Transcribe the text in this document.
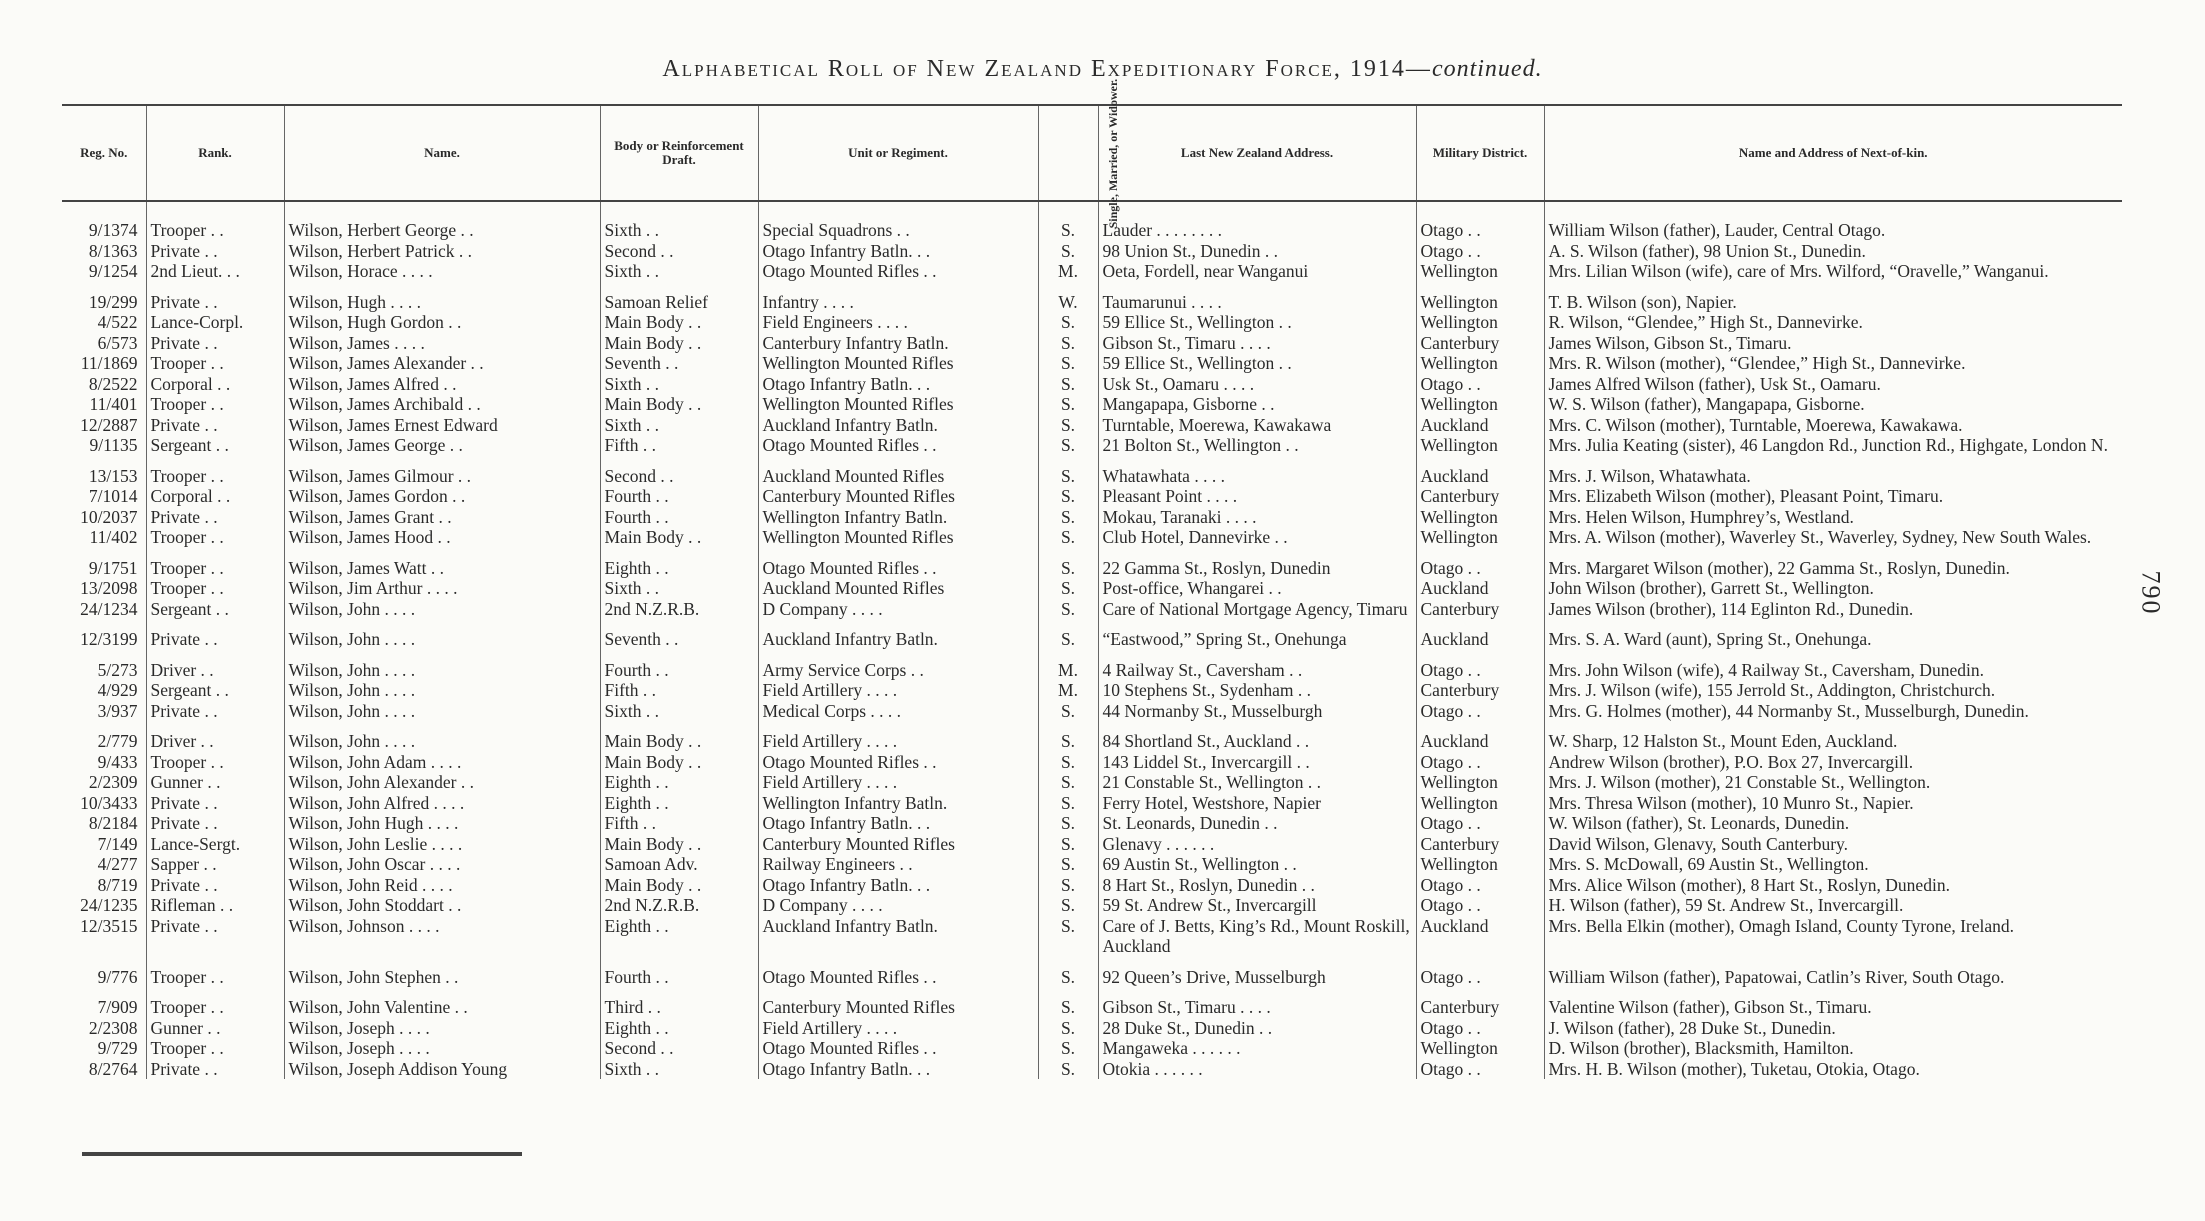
Alphabetical Roll of New Zealand Expeditionary Force, 1914—continued.
Reg. No.	Rank.	Name.	Body or Reinforcement Draft.	Unit or Regiment.	Single, Married, or Widower.	Last New Zealand Address.	Military District.	Name and Address of Next-of-kin.
9/1374	Trooper . .	Wilson, Herbert George . .	Sixth . .	Special Squadrons . .	S.	Lauder . . . . . . . .	Otago . .	William Wilson (father), Lauder, Central Otago.
8/1363	Private . .	Wilson, Herbert Patrick . .	Second . .	Otago Infantry Batln. . .	S.	98 Union St., Dunedin . .	Otago . .	A. S. Wilson (father), 98 Union St., Dunedin.
9/1254	2nd Lieut. . .	Wilson, Horace . . . .	Sixth . .	Otago Mounted Rifles . .	M.	Oeta, Fordell, near Wanganui	Wellington	Mrs. Lilian Wilson (wife), care of Mrs. Wilford, “Oravelle,” Wanganui.
19/299	Private . .	Wilson, Hugh . . . .	Samoan Relief	Infantry . . . .	W.	Taumarunui . . . .	Wellington	T. B. Wilson (son), Napier.
4/522	Lance-Corpl.	Wilson, Hugh Gordon . .	Main Body . .	Field Engineers . . . .	S.	59 Ellice St., Wellington . .	Wellington	R. Wilson, “Glendee,” High St., Dannevirke.
6/573	Private . .	Wilson, James . . . .	Main Body . .	Canterbury Infantry Batln.	S.	Gibson St., Timaru . . . .	Canterbury	James Wilson, Gibson St., Timaru.
11/1869	Trooper . .	Wilson, James Alexander . .	Seventh . .	Wellington Mounted Rifles	S.	59 Ellice St., Wellington . .	Wellington	Mrs. R. Wilson (mother), “Glendee,” High St., Dannevirke.
8/2522	Corporal . .	Wilson, James Alfred . .	Sixth . .	Otago Infantry Batln. . .	S.	Usk St., Oamaru . . . .	Otago . .	James Alfred Wilson (father), Usk St., Oamaru.
11/401	Trooper . .	Wilson, James Archibald . .	Main Body . .	Wellington Mounted Rifles	S.	Mangapapa, Gisborne . .	Wellington	W. S. Wilson (father), Mangapapa, Gisborne.
12/2887	Private . .	Wilson, James Ernest Edward	Sixth . .	Auckland Infantry Batln.	S.	Turntable, Moerewa, Kawakawa	Auckland	Mrs. C. Wilson (mother), Turntable, Moerewa, Kawakawa.
9/1135	Sergeant . .	Wilson, James George . .	Fifth . .	Otago Mounted Rifles . .	S.	21 Bolton St., Wellington . .	Wellington	Mrs. Julia Keating (sister), 46 Langdon Rd., Junction Rd., Highgate, London N.
13/153	Trooper . .	Wilson, James Gilmour . .	Second . .	Auckland Mounted Rifles	S.	Whatawhata . . . .	Auckland	Mrs. J. Wilson, Whatawhata.
7/1014	Corporal . .	Wilson, James Gordon . .	Fourth . .	Canterbury Mounted Rifles	S.	Pleasant Point . . . .	Canterbury	Mrs. Elizabeth Wilson (mother), Pleasant Point, Timaru.
10/2037	Private . .	Wilson, James Grant . .	Fourth . .	Wellington Infantry Batln.	S.	Mokau, Taranaki . . . .	Wellington	Mrs. Helen Wilson, Humphrey’s, Westland.
11/402	Trooper . .	Wilson, James Hood . .	Main Body . .	Wellington Mounted Rifles	S.	Club Hotel, Dannevirke . .	Wellington	Mrs. A. Wilson (mother), Waverley St., Waverley, Sydney, New South Wales.
9/1751	Trooper . .	Wilson, James Watt . .	Eighth . .	Otago Mounted Rifles . .	S.	22 Gamma St., Roslyn, Dunedin	Otago . .	Mrs. Margaret Wilson (mother), 22 Gamma St., Roslyn, Dunedin.
13/2098	Trooper . .	Wilson, Jim Arthur . . . .	Sixth . .	Auckland Mounted Rifles	S.	Post-office, Whangarei . .	Auckland	John Wilson (brother), Garrett St., Wellington.
24/1234	Sergeant . .	Wilson, John . . . .	2nd N.Z.R.B.	D Company . . . .	S.	Care of National Mortgage Agency, Timaru	Canterbury	James Wilson (brother), 114 Eglinton Rd., Dunedin.
12/3199	Private . .	Wilson, John . . . .	Seventh . .	Auckland Infantry Batln.	S.	“Eastwood,” Spring St., Onehunga	Auckland	Mrs. S. A. Ward (aunt), Spring St., Onehunga.
5/273	Driver . .	Wilson, John . . . .	Fourth . .	Army Service Corps . .	M.	4 Railway St., Caversham . .	Otago . .	Mrs. John Wilson (wife), 4 Railway St., Caversham, Dunedin.
4/929	Sergeant . .	Wilson, John . . . .	Fifth . .	Field Artillery . . . .	M.	10 Stephens St., Sydenham . .	Canterbury	Mrs. J. Wilson (wife), 155 Jerrold St., Addington, Christchurch.
3/937	Private . .	Wilson, John . . . .	Sixth . .	Medical Corps . . . .	S.	44 Normanby St., Musselburgh	Otago . .	Mrs. G. Holmes (mother), 44 Normanby St., Musselburgh, Dunedin.
2/779	Driver . .	Wilson, John . . . .	Main Body . .	Field Artillery . . . .	S.	84 Shortland St., Auckland . .	Auckland	W. Sharp, 12 Halston St., Mount Eden, Auckland.
9/433	Trooper . .	Wilson, John Adam . . . .	Main Body . .	Otago Mounted Rifles . .	S.	143 Liddel St., Invercargill . .	Otago . .	Andrew Wilson (brother), P.O. Box 27, Invercargill.
2/2309	Gunner . .	Wilson, John Alexander . .	Eighth . .	Field Artillery . . . .	S.	21 Constable St., Wellington . .	Wellington	Mrs. J. Wilson (mother), 21 Constable St., Wellington.
10/3433	Private . .	Wilson, John Alfred . . . .	Eighth . .	Wellington Infantry Batln.	S.	Ferry Hotel, Westshore, Napier	Wellington	Mrs. Thresa Wilson (mother), 10 Munro St., Napier.
8/2184	Private . .	Wilson, John Hugh . . . .	Fifth . .	Otago Infantry Batln. . .	S.	St. Leonards, Dunedin . .	Otago . .	W. Wilson (father), St. Leonards, Dunedin.
7/149	Lance-Sergt.	Wilson, John Leslie . . . .	Main Body . .	Canterbury Mounted Rifles	S.	Glenavy . . . . . .	Canterbury	David Wilson, Glenavy, South Canterbury.
4/277	Sapper . .	Wilson, John Oscar . . . .	Samoan Adv.	Railway Engineers . .	S.	69 Austin St., Wellington . .	Wellington	Mrs. S. McDowall, 69 Austin St., Wellington.
8/719	Private . .	Wilson, John Reid . . . .	Main Body . .	Otago Infantry Batln. . .	S.	8 Hart St., Roslyn, Dunedin . .	Otago . .	Mrs. Alice Wilson (mother), 8 Hart St., Roslyn, Dunedin.
24/1235	Rifleman . .	Wilson, John Stoddart . .	2nd N.Z.R.B.	D Company . . . .	S.	59 St. Andrew St., Invercargill	Otago . .	H. Wilson (father), 59 St. Andrew St., Invercargill.
12/3515	Private . .	Wilson, Johnson . . . .	Eighth . .	Auckland Infantry Batln.	S.	Care of J. Betts, King’s Rd., Mount Roskill, Auckland	Auckland	Mrs. Bella Elkin (mother), Omagh Island, County Tyrone, Ireland.
9/776	Trooper . .	Wilson, John Stephen . .	Fourth . .	Otago Mounted Rifles . .	S.	92 Queen’s Drive, Musselburgh	Otago . .	William Wilson (father), Papatowai, Catlin’s River, South Otago.
7/909	Trooper . .	Wilson, John Valentine . .	Third . .	Canterbury Mounted Rifles	S.	Gibson St., Timaru . . . .	Canterbury	Valentine Wilson (father), Gibson St., Timaru.
2/2308	Gunner . .	Wilson, Joseph . . . .	Eighth . .	Field Artillery . . . .	S.	28 Duke St., Dunedin . .	Otago . .	J. Wilson (father), 28 Duke St., Dunedin.
9/729	Trooper . .	Wilson, Joseph . . . .	Second . .	Otago Mounted Rifles . .	S.	Mangaweka . . . . . .	Wellington	D. Wilson (brother), Blacksmith, Hamilton.
8/2764	Private . .	Wilson, Joseph Addison Young	Sixth . .	Otago Infantry Batln. . .	S.	Otokia . . . . . .	Otago . .	Mrs. H. B. Wilson (mother), Tuketau, Otokia, Otago.
790
